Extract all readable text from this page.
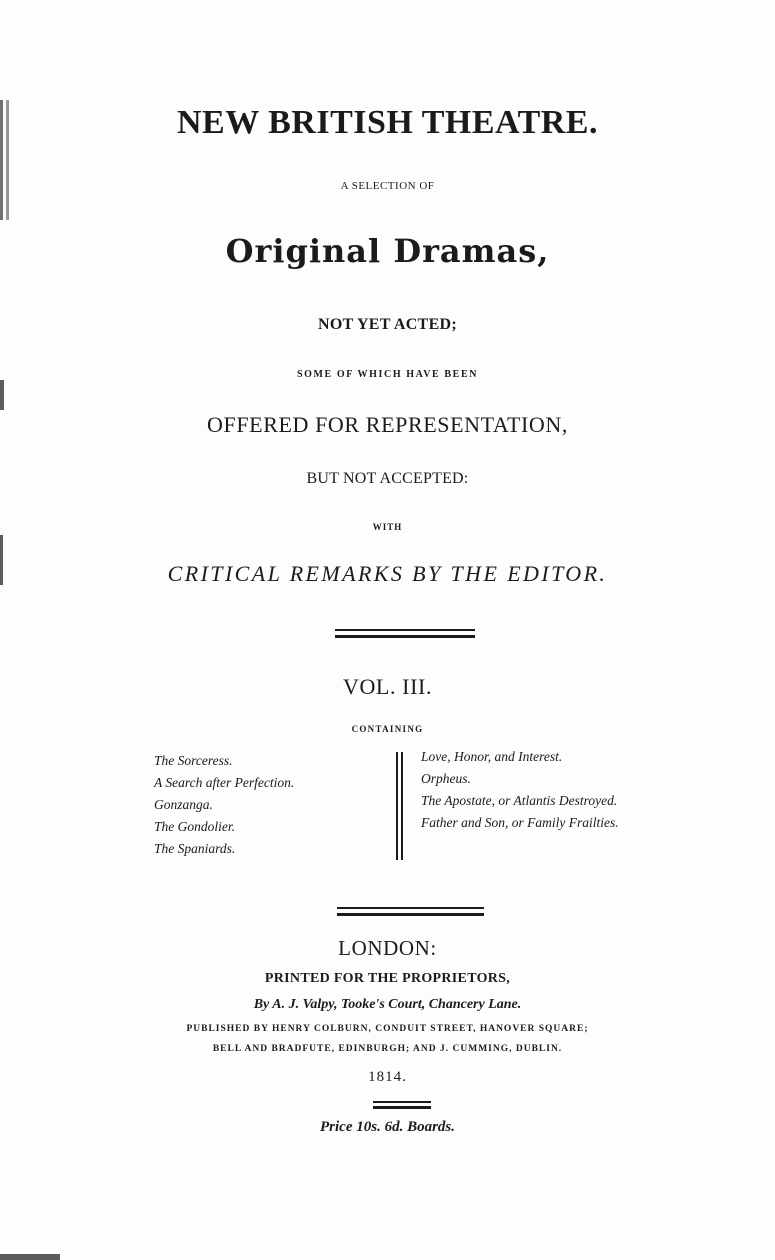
NEW BRITISH THEATRE.
A SELECTION OF
Original Dramas,
NOT YET ACTED;
SOME OF WHICH HAVE BEEN
OFFERED FOR REPRESENTATION,
BUT NOT ACCEPTED:
WITH
CRITICAL REMARKS BY THE EDITOR.
VOL. III.
CONTAINING
The Sorceress.
A Search after Perfection.
Gonzanga.
The Gondolier.
The Spaniards.
Love, Honor, and Interest.
Orpheus.
The Apostate, or Atlantis Destroyed.
Father and Son, or Family Frailties.
LONDON:
PRINTED FOR THE PROPRIETORS,
By A. J. Valpy, Tooke's Court, Chancery Lane.
PUBLISHED BY HENRY COLBURN, CONDUIT STREET, HANOVER SQUARE;
BELL AND BRADFUTE, EDINBURGH; AND J. CUMMING, DUBLIN.
1814.
Price 10s. 6d. Boards.
